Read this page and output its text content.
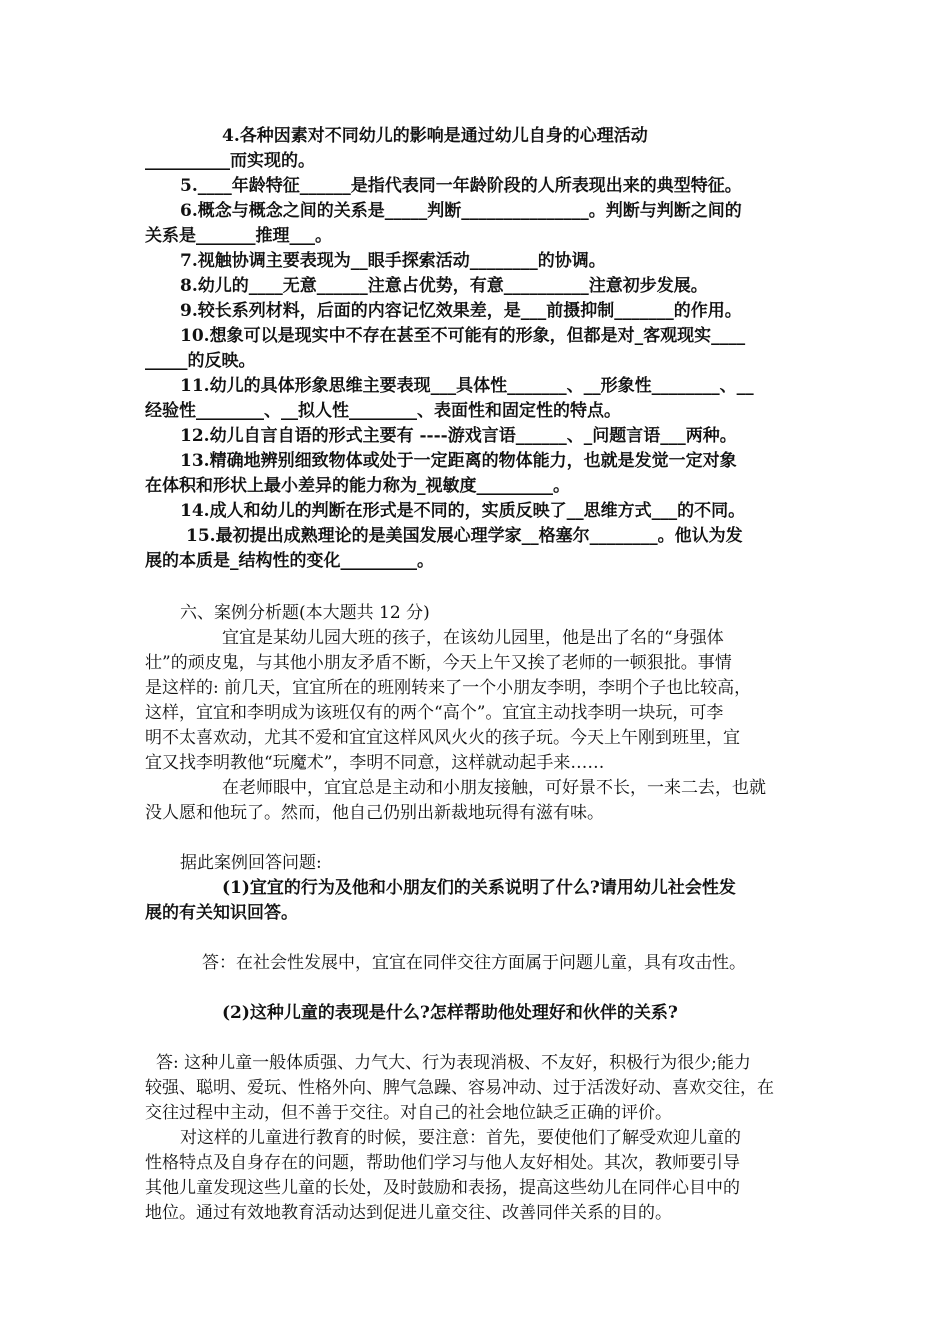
4.各种因素对不同幼儿的影响是通过幼儿自身的心理活动
__________而实现的。
5.____年龄特征______是指代表同一年龄阶段的人所表现出来的典型特征。
6.概念与概念之间的关系是_____判断_______________。判断与判断之间的
关系是_______推理___。
7.视触协调主要表现为__眼手探索活动________的协调。
8.幼儿的____无意______注意占优势，有意__________注意初步发展。
9.较长系列材料，后面的内容记忆效果差，是___前摄抑制_______的作用。
10.想象可以是现实中不存在甚至不可能有的形象，但都是对_客观现实____
_____的反映。
11.幼儿的具体形象思维主要表现___具体性_______、__形象性________、__
经验性________、__拟人性________、表面性和固定性的特点。
12.幼儿自言自语的形式主要有 ----游戏言语______、_问题言语___两种。
13.精确地辨别细致物体或处于一定距离的物体能力，也就是发觉一定对象
在体积和形状上最小差异的能力称为_视敏度_________。
14.成人和幼儿的判断在形式是不同的，实质反映了__思维方式___的不同。
15.最初提出成熟理论的是美国发展心理学家__格塞尔________。他认为发
展的本质是_结构性的变化_________。
六、案例分析题(本大题共 12 分)
宜宜是某幼儿园大班的孩子，在该幼儿园里，他是出了名的“身强体
壮”的顽皮鬼，与其他小朋友矛盾不断，今天上午又挨了老师的一顿狠批。事情
是这样的: 前几天，宜宜所在的班刚转来了一个小朋友李明，李明个子也比较高，
这样，宜宜和李明成为该班仅有的两个“高个”。宜宜主动找李明一块玩，可李
明不太喜欢动，尤其不爱和宜宜这样风风火火的孩子玩。今天上午刚到班里，宜
宜又找李明教他“玩魔术”，李明不同意，这样就动起手来……
在老师眼中，宜宜总是主动和小朋友接触，可好景不长，一来二去，也就
没人愿和他玩了。然而，他自己仍别出新裁地玩得有滋有味。
据此案例回答问题:
(1)宜宜的行为及他和小朋友们的关系说明了什么?请用幼儿社会性发
展的有关知识回答。
答：在社会性发展中，宜宜在同伴交往方面属于问题儿童，具有攻击性。
(2)这种儿童的表现是什么?怎样帮助他处理好和伙伴的关系?
答: 这种儿童一般体质强、力气大、行为表现消极、不友好，积极行为很少;能力
较强、聪明、爱玩、性格外向、脾气急躁、容易冲动、过于活泼好动、喜欢交往，在
交往过程中主动，但不善于交往。对自己的社会地位缺乏正确的评价。
对这样的儿童进行教育的时候，要注意：首先，要使他们了解受欢迎儿童的
性格特点及自身存在的问题，帮助他们学习与他人友好相处。其次，教师要引导
其他儿童发现这些儿童的长处，及时鼓励和表扬，提高这些幼儿在同伴心目中的
地位。通过有效地教育活动达到促进儿童交往、改善同伴关系的目的。
